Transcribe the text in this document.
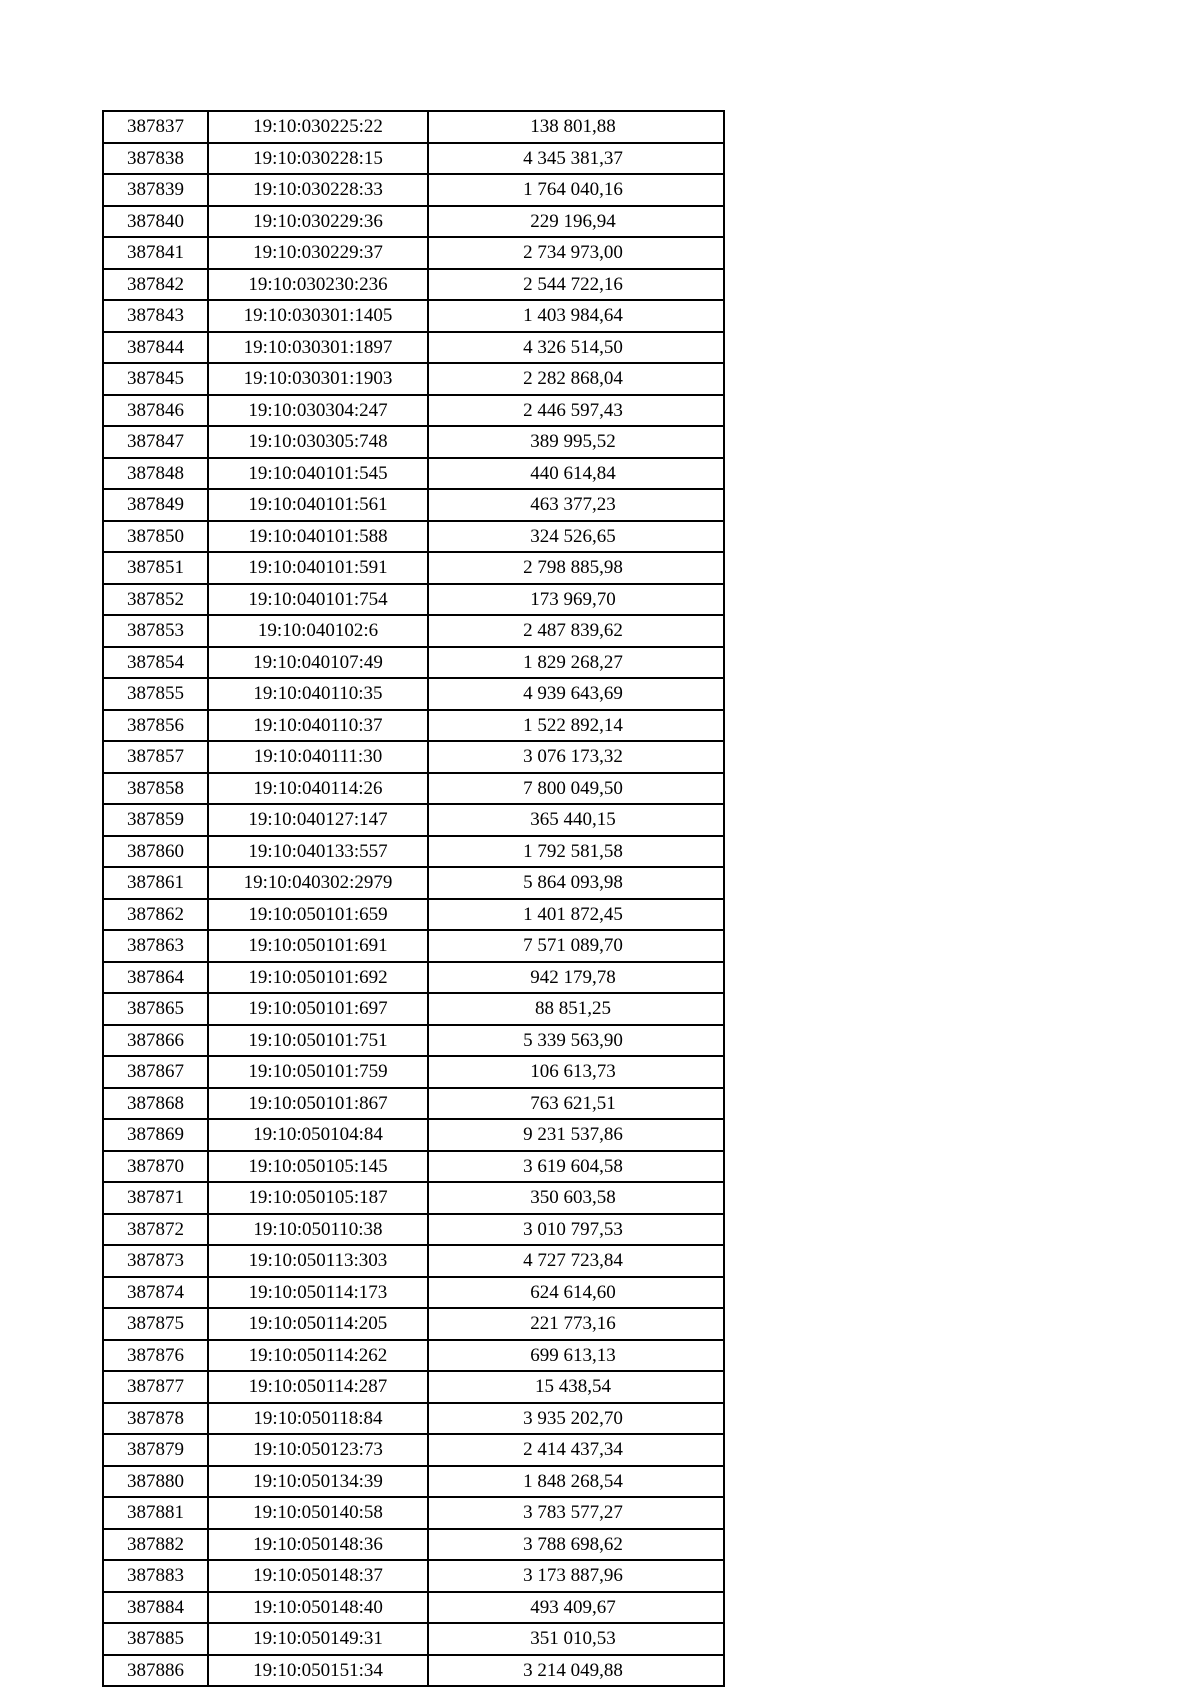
387837	19:10:030225:22	138 801,88

387838	19:10:030228:15	4 345 381,37

387839	19:10:030228:33	1 764 040,16

387840	19:10:030229:36	229 196,94

387841	19:10:030229:37	2 734 973,00

387842	19:10:030230:236	2 544 722,16

387843	19:10:030301:1405	1 403 984,64

387844	19:10:030301:1897	4 326 514,50

387845	19:10:030301:1903	2 282 868,04

387846	19:10:030304:247	2 446 597,43

387847	19:10:030305:748	389 995,52

387848	19:10:040101:545	440 614,84

387849	19:10:040101:561	463 377,23

387850	19:10:040101:588	324 526,65

387851	19:10:040101:591	2 798 885,98

387852	19:10:040101:754	173 969,70

387853	19:10:040102:6	2 487 839,62

387854	19:10:040107:49	1 829 268,27

387855	19:10:040110:35	4 939 643,69

387856	19:10:040110:37	1 522 892,14

387857	19:10:040111:30	3 076 173,32

387858	19:10:040114:26	7 800 049,50

387859	19:10:040127:147	365 440,15

387860	19:10:040133:557	1 792 581,58

387861	19:10:040302:2979	5 864 093,98

387862	19:10:050101:659	1 401 872,45

387863	19:10:050101:691	7 571 089,70

387864	19:10:050101:692	942 179,78

387865	19:10:050101:697	88 851,25

387866	19:10:050101:751	5 339 563,90

387867	19:10:050101:759	106 613,73

387868	19:10:050101:867	763 621,51

387869	19:10:050104:84	9 231 537,86

387870	19:10:050105:145	3 619 604,58

387871	19:10:050105:187	350 603,58

387872	19:10:050110:38	3 010 797,53

387873	19:10:050113:303	4 727 723,84

387874	19:10:050114:173	624 614,60

387875	19:10:050114:205	221 773,16

387876	19:10:050114:262	699 613,13

387877	19:10:050114:287	15 438,54

387878	19:10:050118:84	3 935 202,70

387879	19:10:050123:73	2 414 437,34

387880	19:10:050134:39	1 848 268,54

387881	19:10:050140:58	3 783 577,27

387882	19:10:050148:36	3 788 698,62

387883	19:10:050148:37	3 173 887,96

387884	19:10:050148:40	493 409,67

387885	19:10:050149:31	351 010,53

387886	19:10:050151:34	3 214 049,88
